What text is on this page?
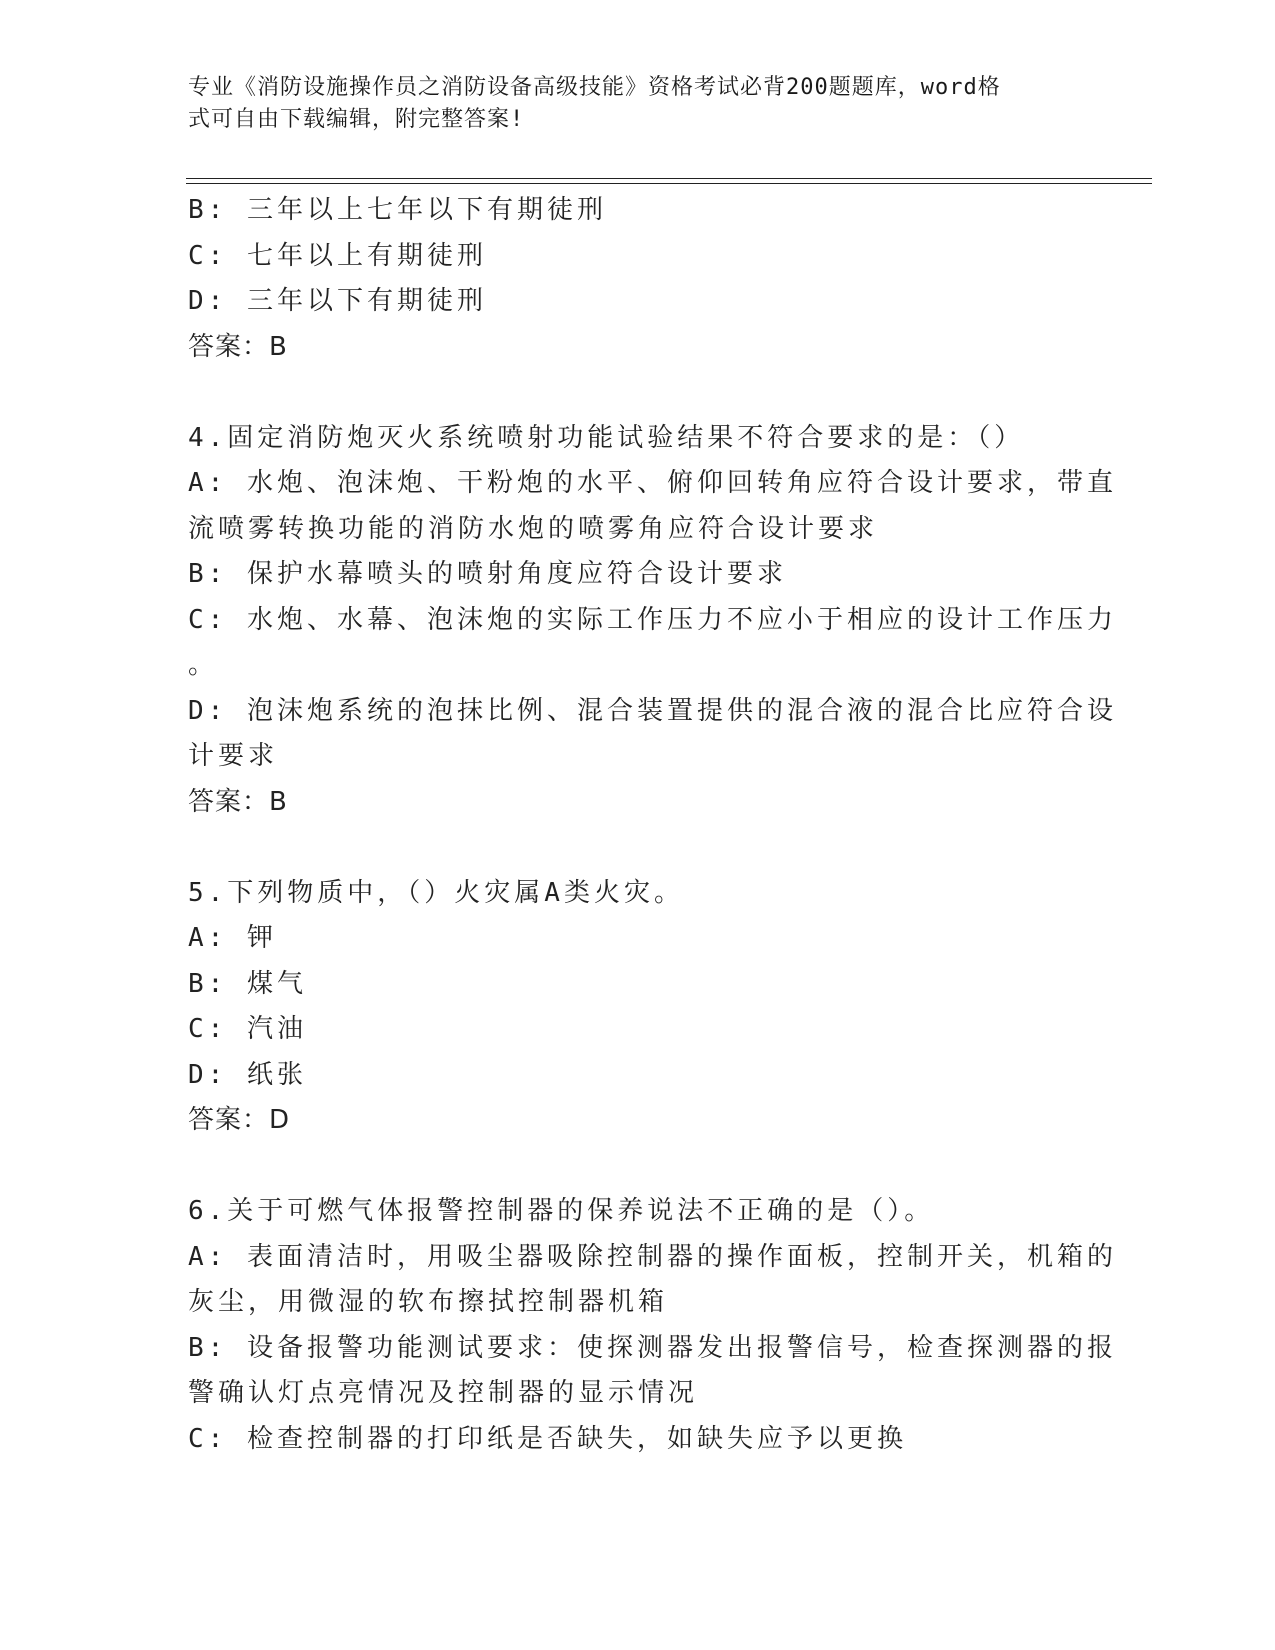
专业《消防设施操作员之消防设备高级技能》资格考试必背200题题库，word格
式可自由下载编辑，附完整答案!
B: 三年以上七年以下有期徒刑
C: 七年以上有期徒刑
D: 三年以下有期徒刑
答案：B
4.固定消防炮灭火系统喷射功能试验结果不符合要求的是：（）
A: 水炮、泡沫炮、干粉炮的水平、俯仰回转角应符合设计要求，带直
流喷雾转换功能的消防水炮的喷雾角应符合设计要求
B: 保护水幕喷头的喷射角度应符合设计要求
C: 水炮、水幕、泡沫炮的实际工作压力不应小于相应的设计工作压力
。
D: 泡沫炮系统的泡抹比例、混合装置提供的混合液的混合比应符合设
计要求
答案：B
5.下列物质中，（）火灾属A类火灾。
A: 钾
B: 煤气
C: 汽油
D: 纸张
答案：D
6.关于可燃气体报警控制器的保养说法不正确的是（）。
A: 表面清洁时，用吸尘器吸除控制器的操作面板，控制开关，机箱的
灰尘，用微湿的软布擦拭控制器机箱
B: 设备报警功能测试要求：使探测器发出报警信号，检查探测器的报
警确认灯点亮情况及控制器的显示情况
C: 检查控制器的打印纸是否缺失，如缺失应予以更换
